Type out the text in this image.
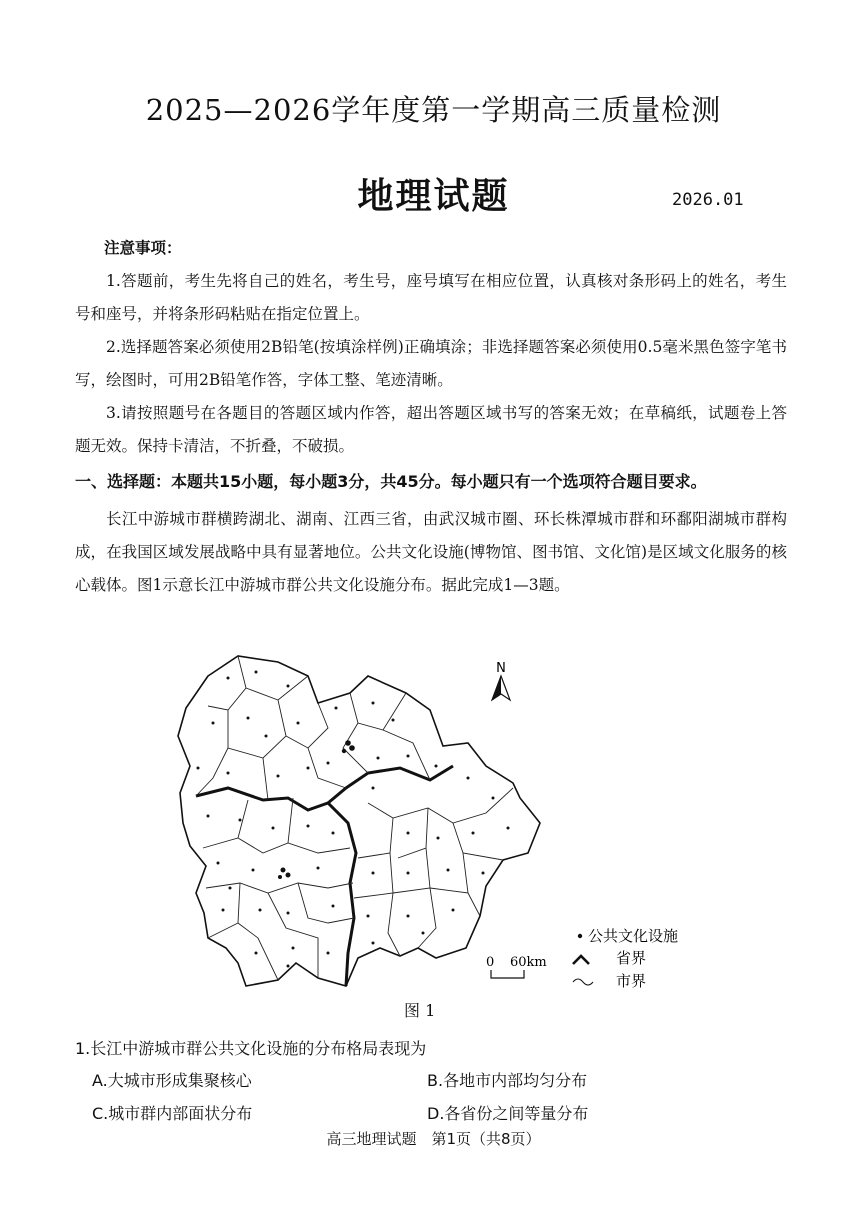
2025—2026学年度第一学期高三质量检测
地理试题	2026.01
注意事项：
1.答题前，考生先将自己的姓名，考生号，座号填写在相应位置，认真核对条形码上的姓名，考生号和座号，并将条形码粘贴在指定位置上。
2.选择题答案必须使用2B铅笔(按填涂样例)正确填涂；非选择题答案必须使用0.5毫米黑色签字笔书写，绘图时，可用2B铅笔作答，字体工整、笔迹清晰。
3.请按照题号在各题目的答题区域内作答，超出答题区域书写的答案无效；在草稿纸，试题卷上答题无效。保持卡清洁，不折叠，不破损。
一、选择题：本题共15小题，每小题3分，共45分。每小题只有一个选项符合题目要求。
长江中游城市群横跨湖北、湖南、江西三省，由武汉城市圈、环长株潭城市群和环鄱阳湖城市群构成，在我国区域发展战略中具有显著地位。公共文化设施(博物馆、图书馆、文化馆)是区域文化服务的核心载体。图1示意长江中游城市群公共文化设施分布。据此完成1—3题。
N
0 60km
公共文化设施
省界
市界
图 1
1.长江中游城市群公共文化设施的分布格局表现为
A.大城市形成集聚核心	B.各地市内部均匀分布
C.城市群内部面状分布	D.各省份之间等量分布
高三地理试题　第1页（共8页）
